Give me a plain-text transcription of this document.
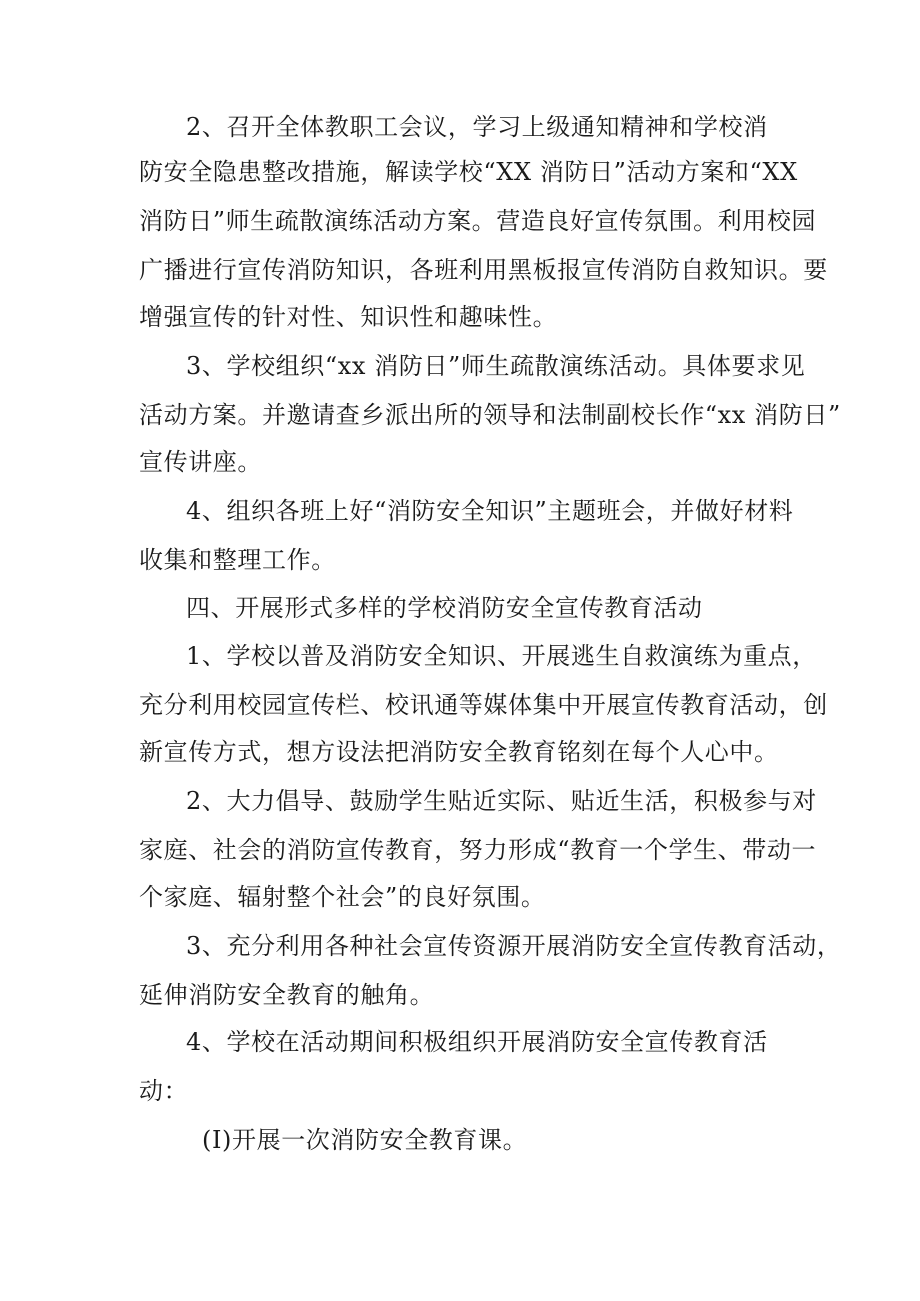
2、召开全体教职工会议，学习上级通知精神和学校消
防安全隐患整改措施，解读学校“XX 消防日”活动方案和“XX
消防日”师生疏散演练活动方案。营造良好宣传氛围。利用校园
广播进行宣传消防知识，各班利用黑板报宣传消防自救知识。要
增强宣传的针对性、知识性和趣味性。
3、学校组织“xx 消防日”师生疏散演练活动。具体要求见
活动方案。并邀请查乡派出所的领导和法制副校长作“xx 消防日”
宣传讲座。
4、组织各班上好“消防安全知识”主题班会，并做好材料
收集和整理工作。
四、开展形式多样的学校消防安全宣传教育活动
1、学校以普及消防安全知识、开展逃生自救演练为重点，
充分利用校园宣传栏、校讯通等媒体集中开展宣传教育活动，创
新宣传方式，想方设法把消防安全教育铭刻在每个人心中。
2、大力倡导、鼓励学生贴近实际、贴近生活，积极参与对
家庭、社会的消防宣传教育，努力形成“教育一个学生、带动一
个家庭、辐射整个社会”的良好氛围。
3、充分利用各种社会宣传资源开展消防安全宣传教育活动，
延伸消防安全教育的触角。
4、学校在活动期间积极组织开展消防安全宣传教育活
动：
(I)开展一次消防安全教育课。
